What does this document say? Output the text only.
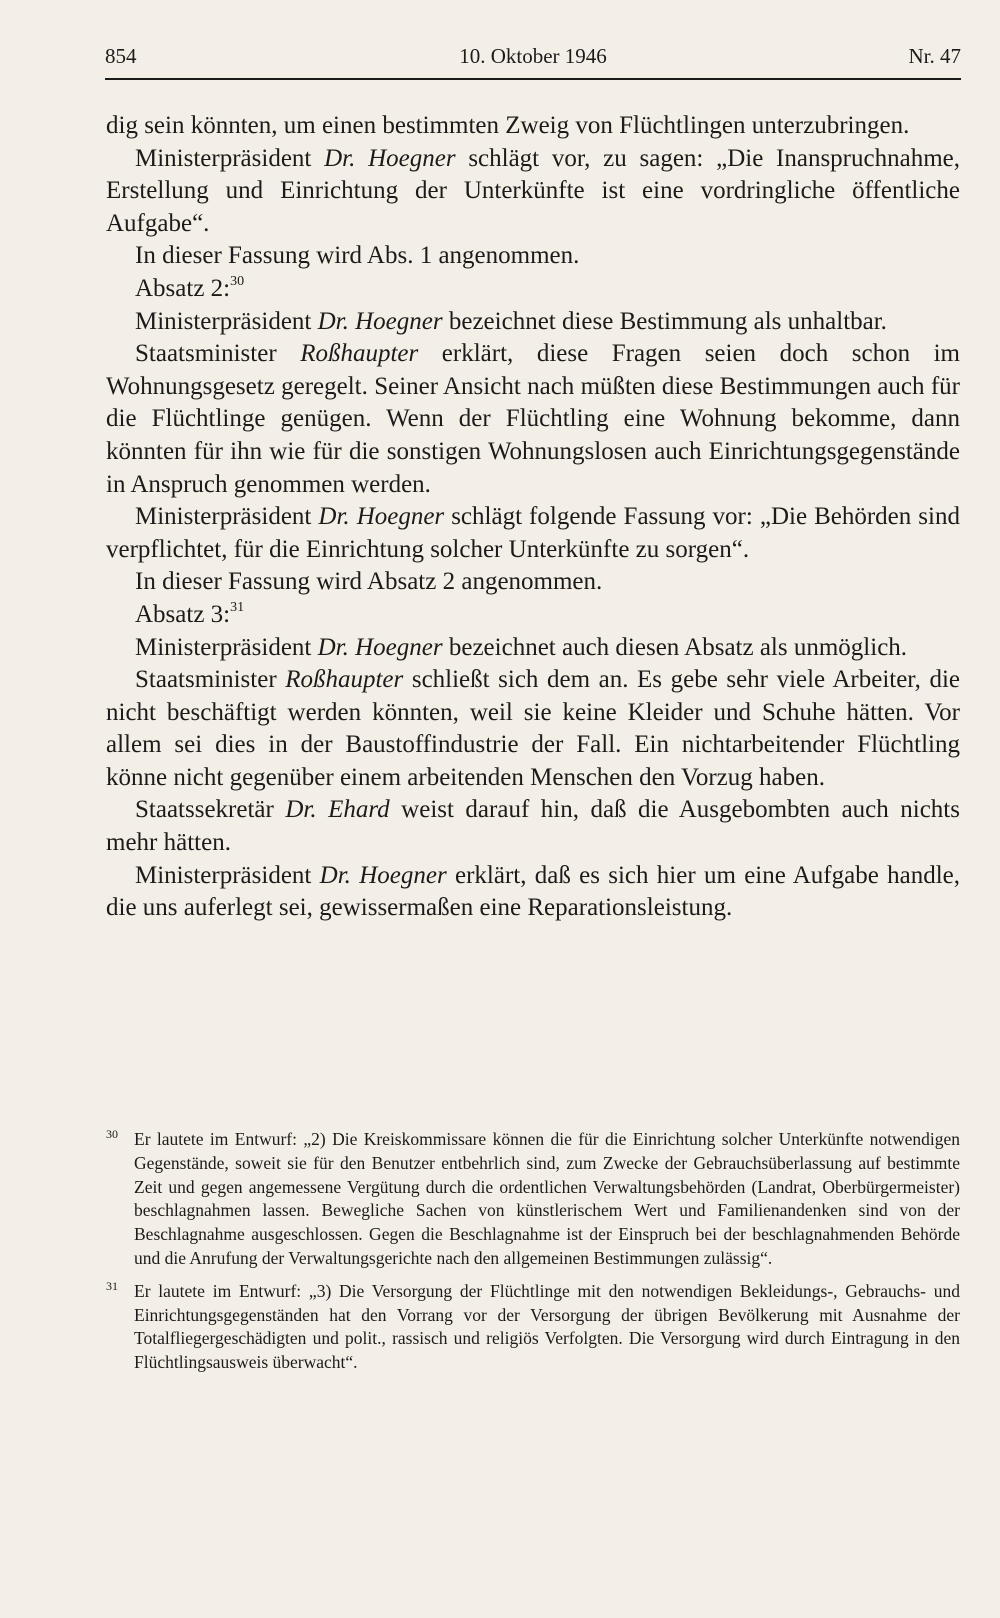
854	10. Oktober 1946	Nr. 47

dig sein könnten, um einen bestimmten Zweig von Flüchtlingen unterzubringen.

Ministerpräsident Dr. Hoegner schlägt vor, zu sagen: „Die Inanspruchnahme, Erstellung und Einrichtung der Unterkünfte ist eine vordringliche öffentliche Aufgabe“.

In dieser Fassung wird Abs. 1 angenommen.

Absatz 2:$^{30}$

Ministerpräsident Dr. Hoegner bezeichnet diese Bestimmung als unhaltbar.

Staatsminister Roßhaupter erklärt, diese Fragen seien doch schon im Wohnungsgesetz geregelt. Seiner Ansicht nach müßten diese Bestimmungen auch für die Flüchtlinge genügen. Wenn der Flüchtling eine Wohnung bekomme, dann könnten für ihn wie für die sonstigen Wohnungslosen auch Einrichtungsgegenstände in Anspruch genommen werden.

Ministerpräsident Dr. Hoegner schlägt folgende Fassung vor: „Die Behörden sind verpflichtet, für die Einrichtung solcher Unterkünfte zu sorgen“.

In dieser Fassung wird Absatz 2 angenommen.

Absatz 3:$^{31}$

Ministerpräsident Dr. Hoegner bezeichnet auch diesen Absatz als unmöglich.

Staatsminister Roßhaupter schließt sich dem an. Es gebe sehr viele Arbeiter, die nicht beschäftigt werden könnten, weil sie keine Kleider und Schuhe hätten. Vor allem sei dies in der Baustoffindustrie der Fall. Ein nichtarbeitender Flüchtling könne nicht gegenüber einem arbeitenden Menschen den Vorzug haben.

Staatssekretär Dr. Ehard weist darauf hin, daß die Ausgebombten auch nichts mehr hätten.

Ministerpräsident Dr. Hoegner erklärt, daß es sich hier um eine Aufgabe handle, die uns auferlegt sei, gewissermaßen eine Reparationsleistung.

30 Er lautete im Entwurf: „2) Die Kreiskommissare können die für die Einrichtung solcher Unterkünfte notwendigen Gegenstände, soweit sie für den Benutzer entbehrlich sind, zum Zwecke der Gebrauchsüberlassung auf bestimmte Zeit und gegen angemessene Vergütung durch die ordentlichen Verwaltungsbehörden (Landrat, Oberbürgermeister) beschlagnahmen lassen. Bewegliche Sachen von künstlerischem Wert und Familienandenken sind von der Beschlagnahme ausgeschlossen. Gegen die Beschlagnahme ist der Einspruch bei der beschlagnahmenden Behörde und die Anrufung der Verwaltungsgerichte nach den allgemeinen Bestimmungen zulässig“.
31 Er lautete im Entwurf: „3) Die Versorgung der Flüchtlinge mit den notwendigen Bekleidungs-, Gebrauchs- und Einrichtungsgegenständen hat den Vorrang vor der Versorgung der übrigen Bevölkerung mit Ausnahme der Totalfliegergeschädigten und polit., rassisch und religiös Verfolgten. Die Versorgung wird durch Eintragung in den Flüchtlingsausweis überwacht“.
